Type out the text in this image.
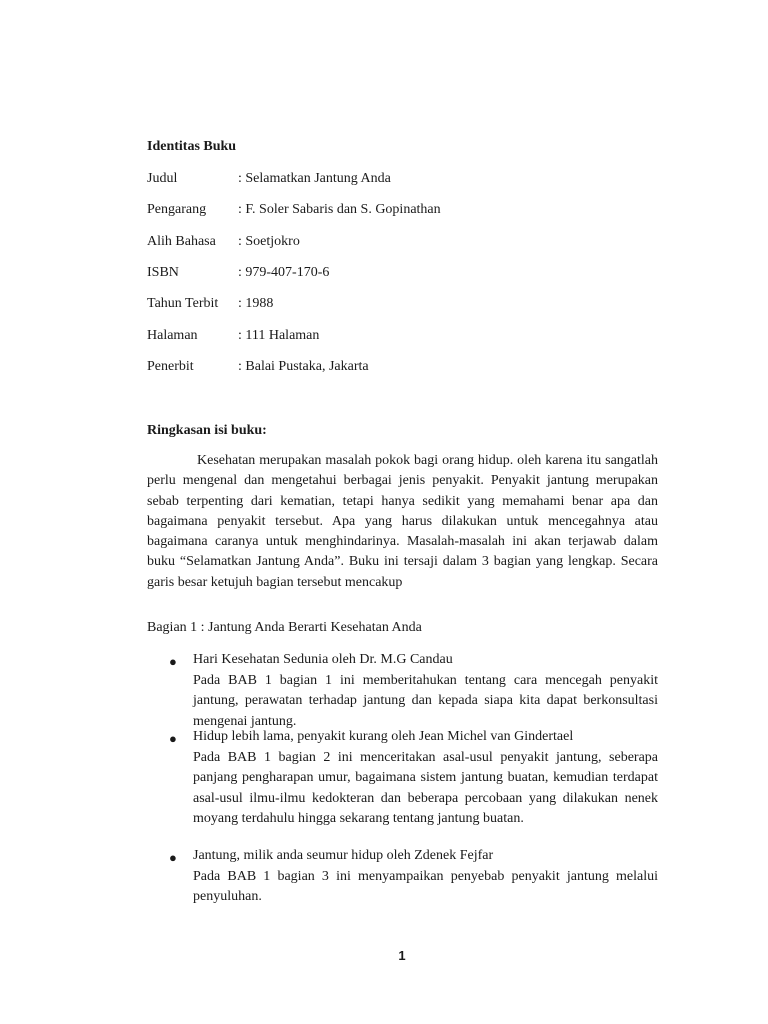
Identitas Buku
Judul	: Selamatkan Jantung Anda
Pengarang : F. Soler Sabaris dan S. Gopinathan
Alih Bahasa : Soetjokro
ISBN	: 979-407-170-6
Tahun Terbit : 1988
Halaman	: 111 Halaman
Penerbit	: Balai Pustaka, Jakarta
Ringkasan isi buku:

Kesehatan merupakan masalah pokok bagi orang hidup. oleh karena itu sangatlah perlu mengenal dan mengetahui berbagai jenis penyakit. Penyakit jantung merupakan sebab terpenting dari kematian, tetapi hanya sedikit yang memahami benar apa dan bagaimana penyakit tersebut. Apa yang harus dilakukan untuk mencegahnya atau bagaimana caranya untuk menghindarinya. Masalah-masalah ini akan terjawab dalam buku “Selamatkan Jantung Anda”. Buku ini tersaji dalam 3 bagian yang lengkap. Secara garis besar ketujuh bagian tersebut mencakup

Bagian 1 : Jantung Anda Berarti Kesehatan Anda
● Hari Kesehatan Sedunia oleh Dr. M.G Candau

Pada BAB 1 bagian 1 ini memberitahukan tentang cara mencegah penyakit jantung, perawatan terhadap jantung dan kepada siapa kita dapat berkonsultasi mengenai jantung.

● Hidup lebih lama, penyakit kurang oleh Jean Michel van Gindertael

Pada BAB 1 bagian 2 ini menceritakan asal-usul penyakit jantung, seberapa panjang pengharapan umur, bagaimana sistem jantung buatan, kemudian terdapat asal-usul ilmu-ilmu kedokteran dan beberapa percobaan yang dilakukan nenek moyang terdahulu hingga sekarang tentang jantung buatan.

● Jantung, milik anda seumur hidup oleh Zdenek Fejfar

Pada BAB 1 bagian 3 ini menyampaikan penyebab penyakit jantung melalui penyuluhan.

1
